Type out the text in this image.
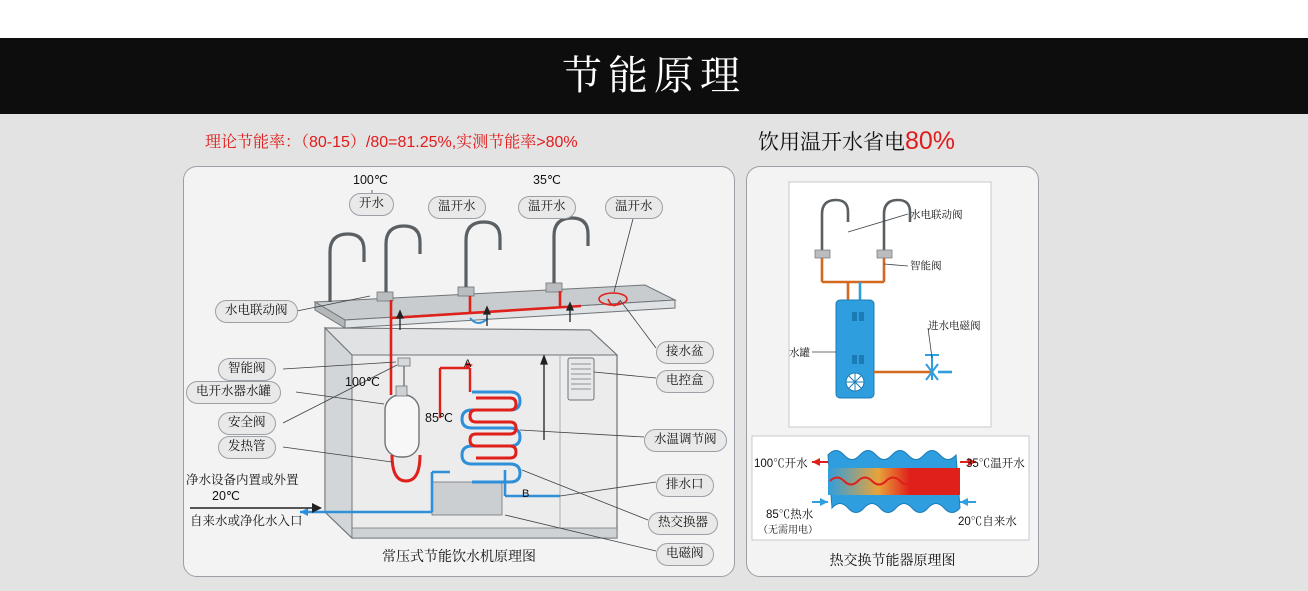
节能原理
理论节能率：（80-15）/80=81.25%,实测节能率>80%	饮用温开水省电80%
100℃	35℃
开水	温开水	温开水	温开水
水电联动阀
智能阀
电开水器水罐
安全阀
发热管
净水设备内置或外置
20℃
自来水或净化水入口
接水盆
电控盒
水温调节阀
排水口
热交换器
电磁阀
100℃
85℃
A
B
常压式节能饮水机原理图
水电联动阀
智能阀
进水电磁阀
水罐
100℃开水	35℃温开水
85℃热水
（无需用电）
20℃自来水
热交换节能器原理图
